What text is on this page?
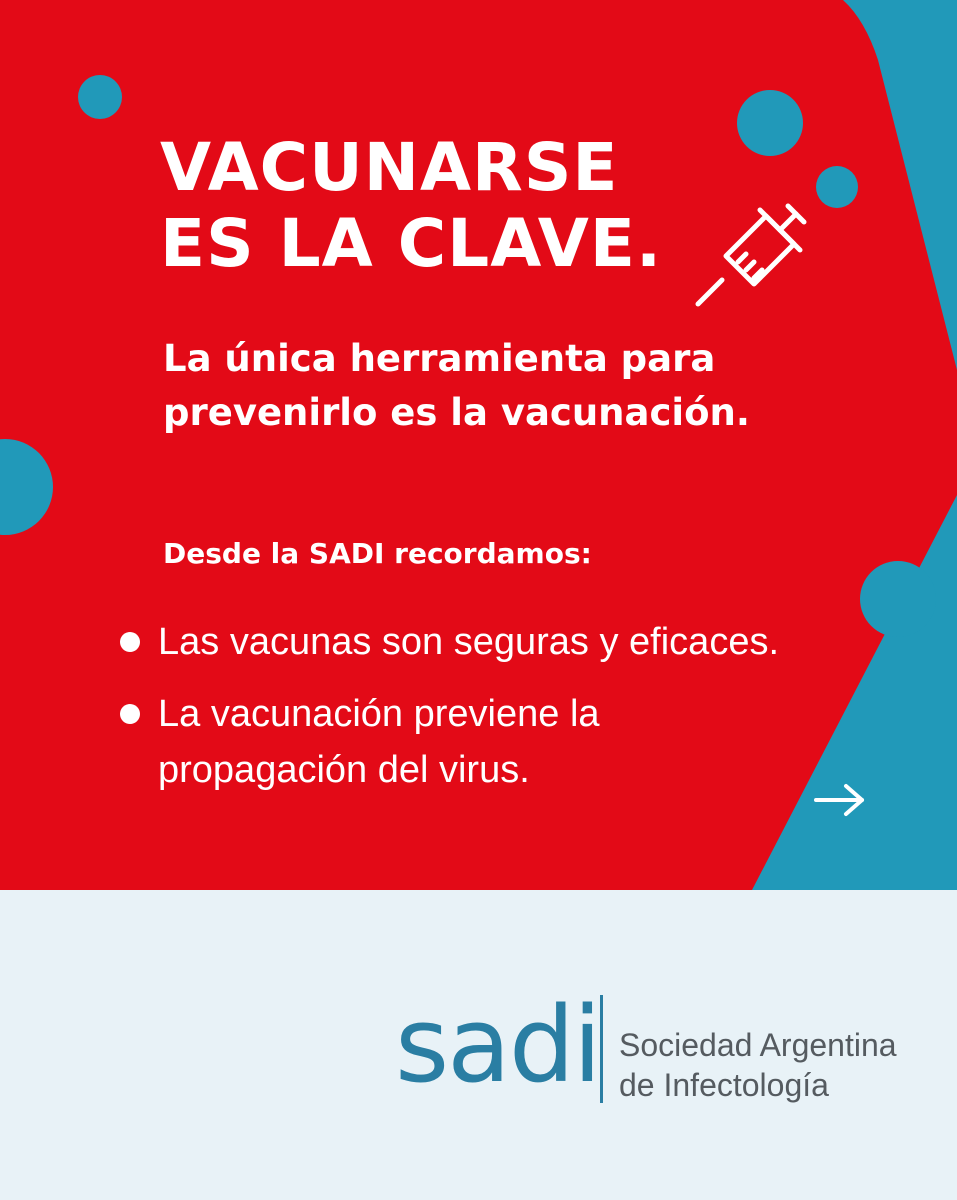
VACUNARSE
ES LA CLAVE.
La única herramienta para
prevenirlo es la vacunación.

Desde la SADI recordamos:

Las vacunas son seguras y eficaces.
La vacunación previene la
propagación del virus.
sadi Sociedad Argentina
de Infectología
